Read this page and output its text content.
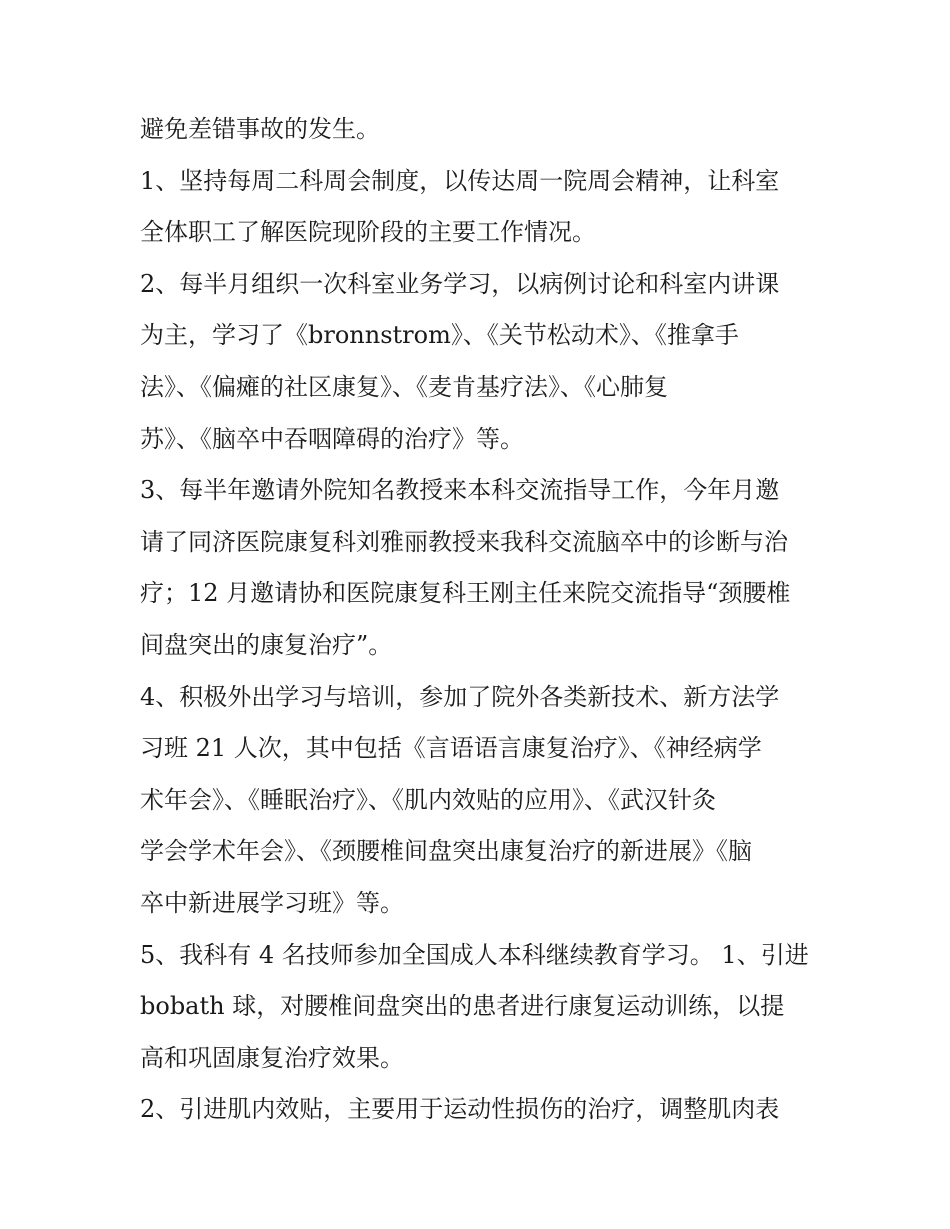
避免差错事故的发生。
1、坚持每周二科周会制度，以传达周一院周会精神，让科室
全体职工了解医院现阶段的主要工作情况。
2、每半月组织一次科室业务学习，以病例讨论和科室内讲课
为主，学习了《bronnstrom》、《关节松动术》、《推拿手
法》、《偏瘫的社区康复》、《麦肯基疗法》、《心肺复
苏》、《脑卒中吞咽障碍的治疗》等。
3、每半年邀请外院知名教授来本科交流指导工作，今年月邀
请了同济医院康复科刘雅丽教授来我科交流脑卒中的诊断与治
疗；12 月邀请协和医院康复科王刚主任来院交流指导“颈腰椎
间盘突出的康复治疗”。
4、积极外出学习与培训，参加了院外各类新技术、新方法学
习班 21 人次，其中包括《言语语言康复治疗》、《神经病学
术年会》、《睡眠治疗》、《肌内效贴的应用》、《武汉针灸
学会学术年会》、《颈腰椎间盘突出康复治疗的新进展》《脑
卒中新进展学习班》等。
5、我科有 4 名技师参加全国成人本科继续教育学习。 1、引进
bobath 球，对腰椎间盘突出的患者进行康复运动训练，以提
高和巩固康复治疗效果。
2、引进肌内效贴，主要用于运动性损伤的治疗，调整肌肉表
